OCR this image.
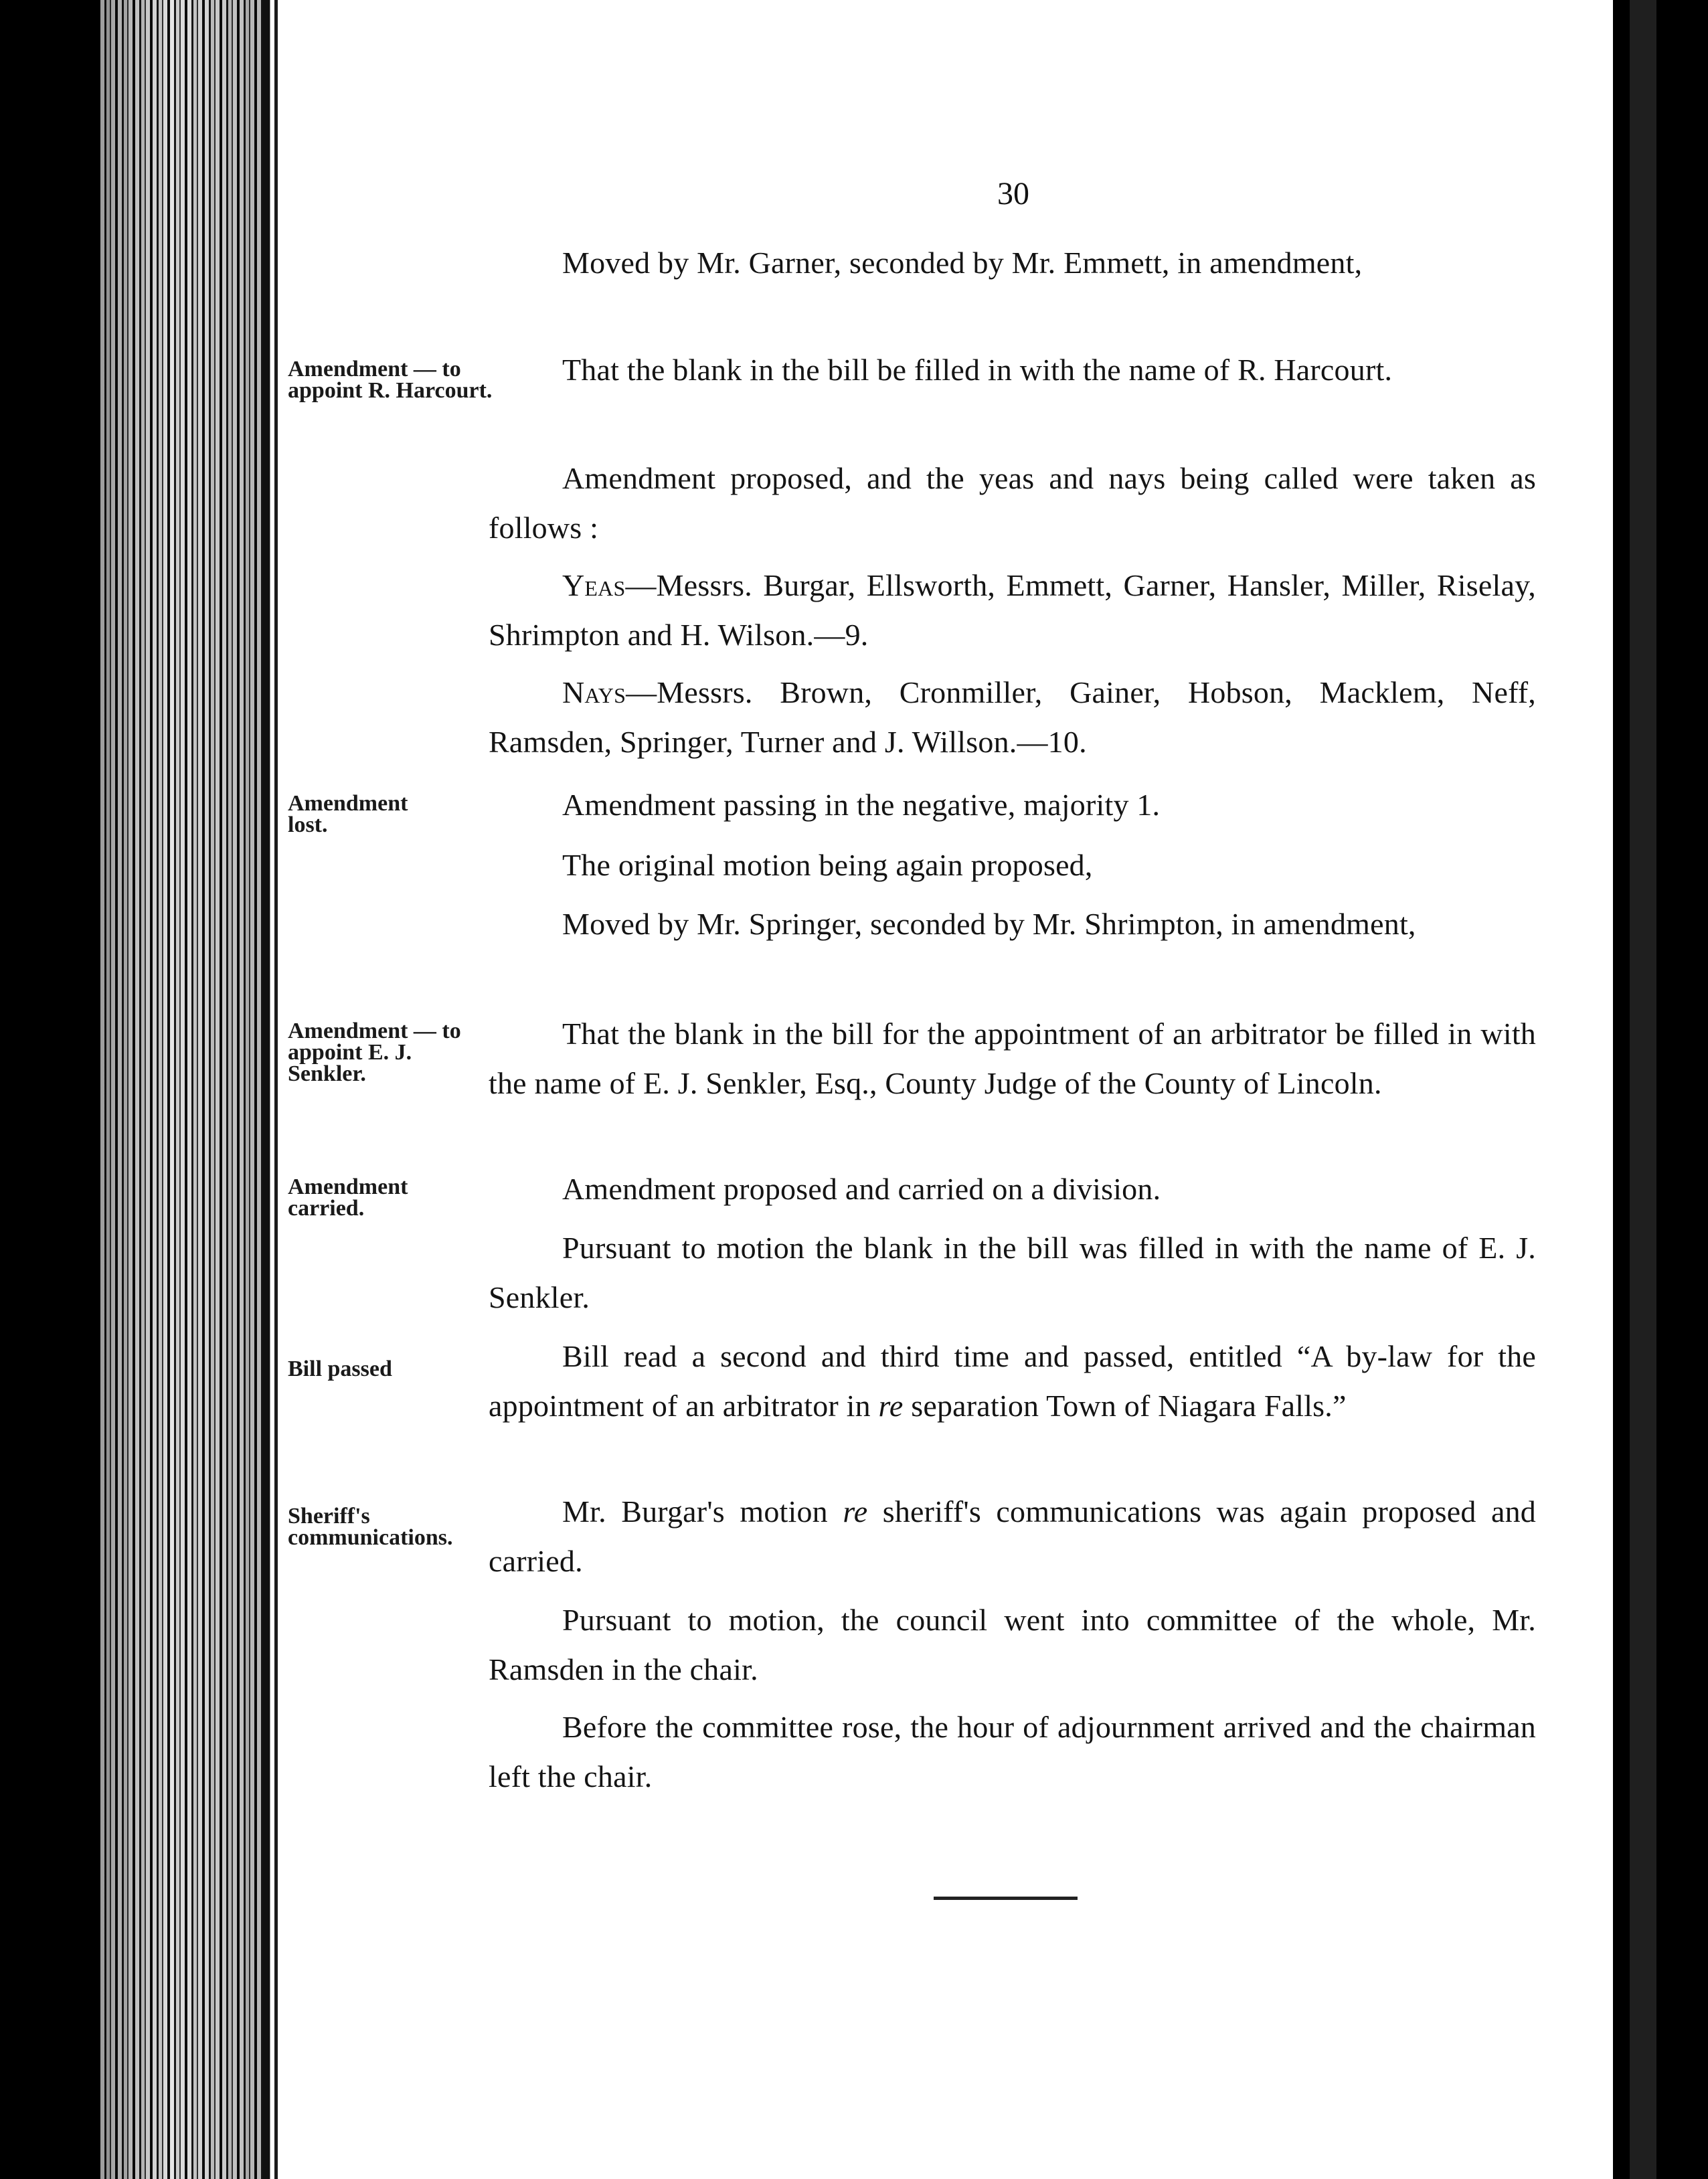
30
Amendment — to appoint R. Harcourt.
Amendment lost.
Amendment — to appoint E. J. Senkler.
Amendment carried.
Bill passed
Sheriff's communications.
Moved by Mr. Garner, seconded by Mr. Emmett, in amendment,
That the blank in the bill be filled in with the name of R. Harcourt.
Amendment proposed, and the yeas and nays being called were taken as follows :
Yeas—Messrs. Burgar, Ellsworth, Emmett, Garner, Hansler, Miller, Riselay, Shrimpton and H. Wilson.—9.
Nays—Messrs. Brown, Cronmiller, Gainer, Hobson, Macklem, Neff, Ramsden, Springer, Turner and J. Willson.—10.
Amendment passing in the negative, majority 1.
The original motion being again proposed,
Moved by Mr. Springer, seconded by Mr. Shrimpton, in amendment,
That the blank in the bill for the appointment of an arbitrator be filled in with the name of E. J. Senkler, Esq., County Judge of the County of Lincoln.
Amendment proposed and carried on a division.
Pursuant to motion the blank in the bill was filled in with the name of E. J. Senkler.
Bill read a second and third time and passed, entitled “A by-law for the appointment of an arbitrator in re separation Town of Niagara Falls.”
Mr. Burgar's motion re sheriff's communications was again proposed and carried.
Pursuant to motion, the council went into committee of the whole, Mr. Ramsden in the chair.
Before the committee rose, the hour of adjournment arrived and the chairman left the chair.
